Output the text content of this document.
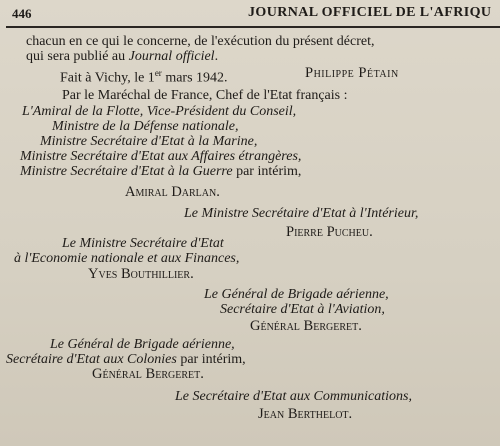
446	JOURNAL OFFICIEL DE L'AFRIQU
chacun en ce qui le concerne, de l'exécution du présent décret,
qui sera publié au Journal officiel.
Fait à Vichy, le 1er mars 1942.	Philippe Pétain
Par le Maréchal de France, Chef de l'Etat français :
L'Amiral de la Flotte, Vice-Président du Conseil,
Ministre de la Défense nationale,
Ministre Secrétaire d'Etat à la Marine,
Ministre Secrétaire d'Etat aux Affaires étrangères,
Ministre Secrétaire d'Etat à la Guerre par intérim,
Amiral Darlan.
Le Ministre Secrétaire d'Etat à l'Intérieur,
Pierre Pucheu.
Le Ministre Secrétaire d'Etat
à l'Economie nationale et aux Finances,
Yves Bouthillier.
Le Général de Brigade aérienne,
Secrétaire d'Etat à l'Aviation,
Général Bergeret.
Le Général de Brigade aérienne,
Secrétaire d'Etat aux Colonies par intérim,
Général Bergeret.
Le Secrétaire d'Etat aux Communications,
Jean Berthelot.
